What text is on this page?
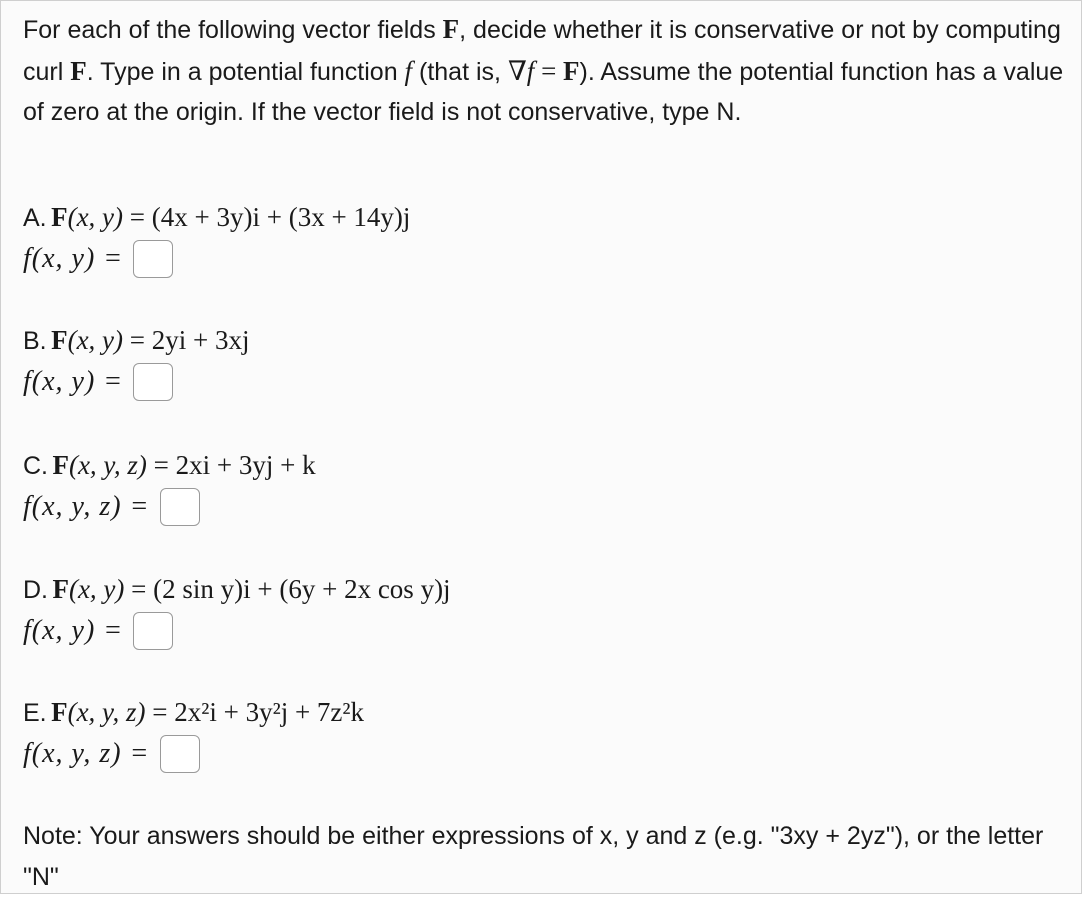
For each of the following vector fields F, decide whether it is conservative or not by computing curl F. Type in a potential function f (that is, ∇f = F). Assume the potential function has a value of zero at the origin. If the vector field is not conservative, type N.
A. F(x, y) = (4x + 3y)i + (3x + 14y)j
f(x, y) =
B. F(x, y) = 2yi + 3xj
f(x, y) =
C. F(x, y, z) = 2xi + 3yj + k
f(x, y, z) =
D. F(x, y) = (2 sin y)i + (6y + 2x cos y)j
f(x, y) =
E. F(x, y, z) = 2x²i + 3y²j + 7z²k
f(x, y, z) =
Note: Your answers should be either expressions of x, y and z (e.g. "3xy + 2yz"), or the letter "N"
